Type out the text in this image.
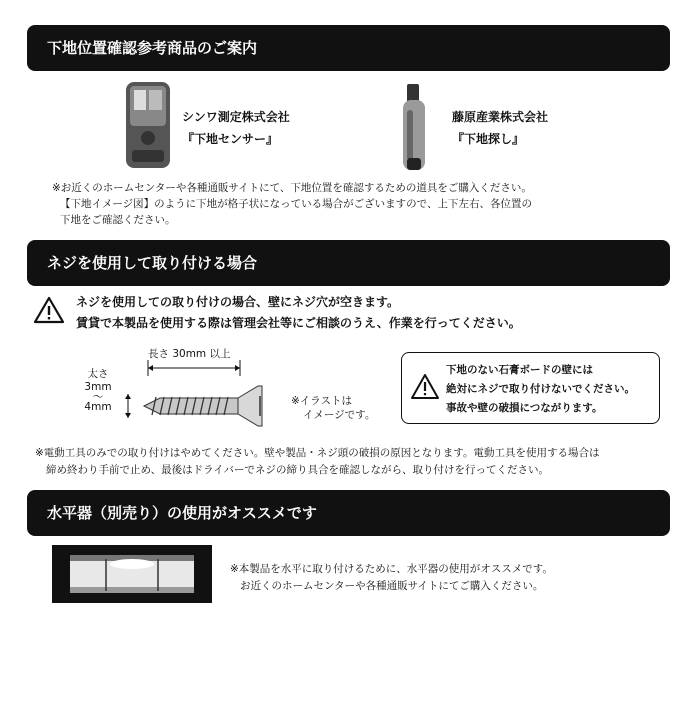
下地位置確認参考商品のご案内
シンワ測定株式会社
『下地センサー』
藤原産業株式会社
『下地探し』
※お近くのホームセンターや各種通販サイトにて、下地位置を確認するための道具をご購入ください。
【下地イメージ図】のように下地が格子状になっている場合がございますので、上下左右、各位置の
下地をご確認ください。
ネジを使用して取り付ける場合
ネジを使用しての取り付けの場合、壁にネジ穴が空きます。
賃貸で本製品を使用する際は管理会社等にご相談のうえ、作業を行ってください。
長さ 30mm 以上
太さ
3mm
～
4mm	※イラストは
イメージです。
下地のない石膏ボードの壁には
絶対にネジで取り付けないでください。
事故や壁の破損につながります。
※電動工具のみでの取り付けはやめてください。壁や製品・ネジ頭の破損の原因となります。電動工具を使用する場合は
締め終わり手前で止め、最後はドライバーでネジの締り具合を確認しながら、取り付けを行ってください。
水平器（別売り）の使用がオススメです
※本製品を水平に取り付けるために、水平器の使用がオススメです。
お近くのホームセンターや各種通販サイトにてご購入ください。
